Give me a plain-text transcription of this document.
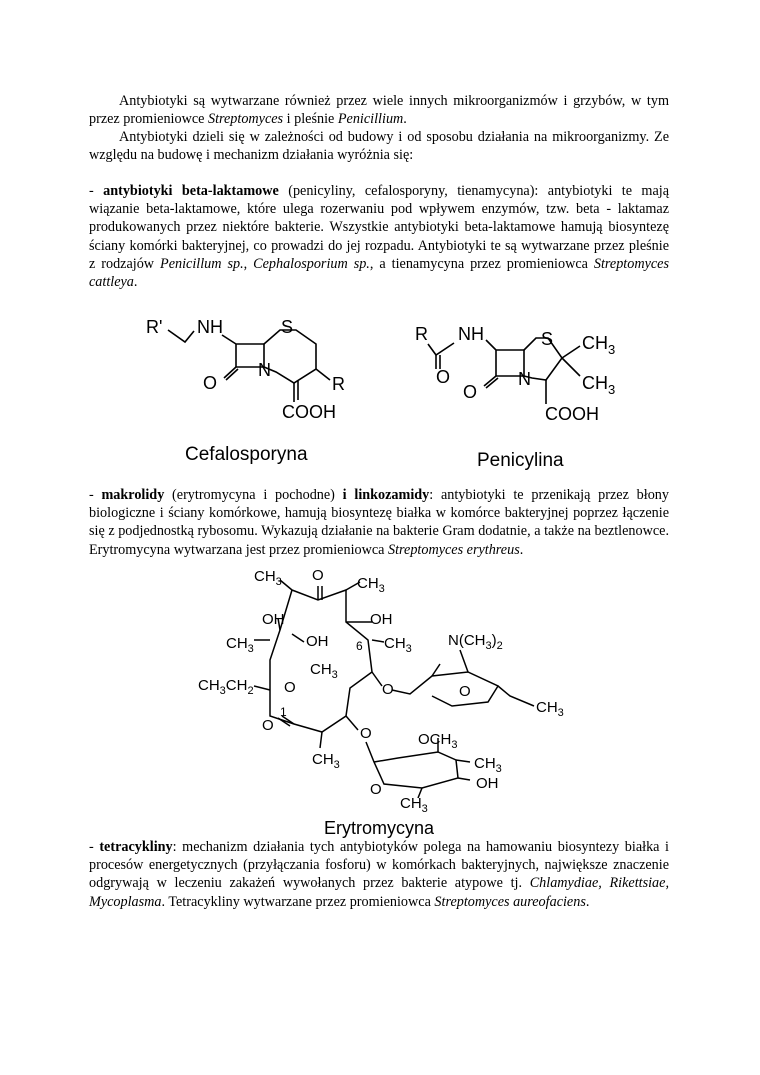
Antybiotyki są wytwarzane również przez wiele innych mikroorganizmów i grzybów, w tym przez promieniowce Streptomyces i pleśnie Penicillium.

Antybiotyki dzieli się w zależności od budowy i od sposobu działania na mikroorganizmy. Ze względu na budowę i mechanizm działania wyróżnia się:

- antybiotyki beta-laktamowe (penicyliny, cefalosporyny, tienamycyna): antybiotyki te mają wiązanie beta-laktamowe, które ulega rozerwaniu pod wpływem enzymów, tzw. beta - laktamaz produkowanych przez niektóre bakterie. Wszystkie antybiotyki beta-laktamowe hamują biosyntezę ściany komórki bakteryjnej, co prowadzi do jej rozpadu. Antybiotyki te są wytwarzane przez pleśnie z rodzajów Penicillum sp., Cephalosporium sp., a tienamycyna przez promieniowca Streptomyces cattleya.

R' NH	S
O
N
R
COOH
Cefalosporyna
R NH	S $CH_3$
$CH_3$
O
O
N
COOH
Penicylina

- makrolidy (erytromycyna i pochodne) i linkozamidy: antybiotyki te przenikają przez błony biologiczne i ściany komórkowe, hamują biosyntezę białka w komórce bakteryjnej poprzez łączenie się z podjednostką rybosomu. Wykazują działanie na bakterie Gram dodatnie, a także na beztlenowce. Erytromycyna wytwarzana jest przez promieniowca Streptomyces erythreus.

$CH_3$ O $CH_3$
OH	OH
$CH_3$	OH 6 $CH_3$ $N(CH_3)_2$
$CH_3$
$CH_3CH_2$ O	O	O
$CH_3$
1
O	O	$OCH_3$
$CH_3$	$CH_3$
OH
O
$CH_3$
Erytromycyna

- tetracykliny: mechanizm działania tych antybiotyków polega na hamowaniu biosyntezy białka i procesów energetycznych (przyłączania fosforu) w komórkach bakteryjnych, największe znaczenie odgrywają w leczeniu zakażeń wywołanych przez bakterie atypowe tj. Chlamydiae, Rikettsiae, Mycoplasma. Tetracykliny wytwarzane przez promieniowca Streptomyces aureofaciens.
